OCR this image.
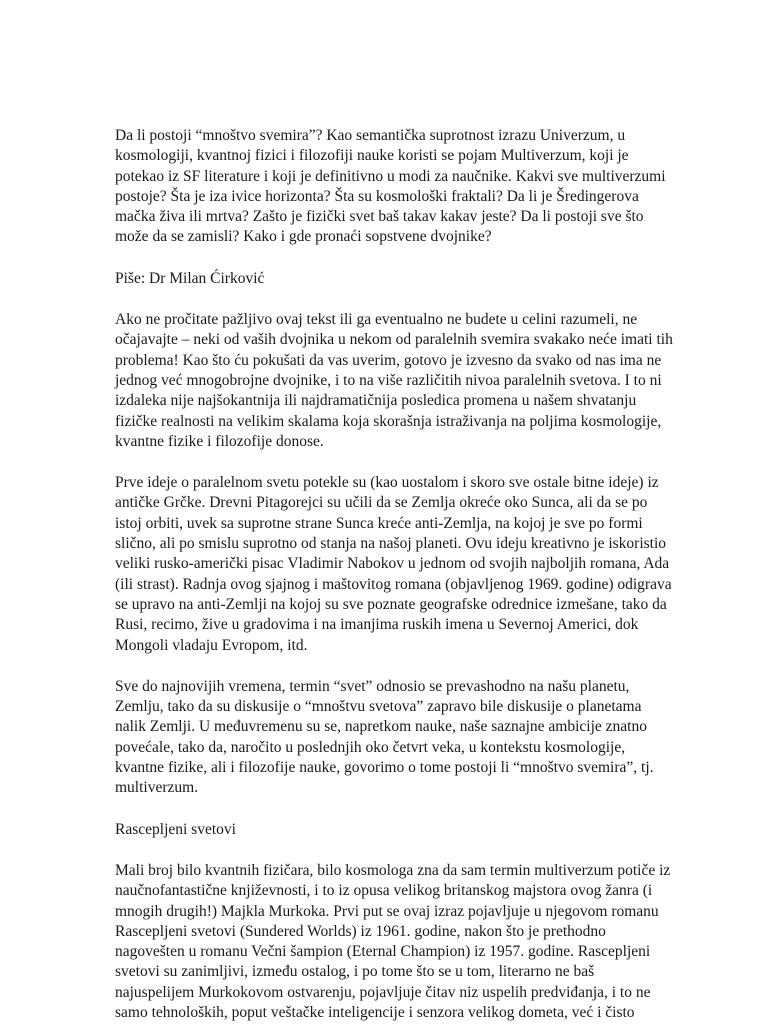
Da li postoji “mnoštvo svemira”? Kao semantička suprotnost izrazu Univerzum, u kosmologiji, kvantnoj fizici i filozofiji nauke koristi se pojam Multiverzum, koji je potekao iz SF literature i koji je definitivno u modi za naučnike. Kakvi sve multiverzumi postoje? Šta je iza ivice horizonta? Šta su kosmološki fraktali? Da li je Šredingerova mačka živa ili mrtva? Zašto je fizički svet baš takav kakav jeste? Da li postoji sve što može da se zamisli? Kako i gde pronaći sopstvene dvojnike?

Piše: Dr Milan Ćirković

Ako ne pročitate pažljivo ovaj tekst ili ga eventualno ne budete u celini razumeli, ne očajavajte – neki od vaših dvojnika u nekom od paralelnih svemira svakako neće imati tih problema! Kao što ću pokušati da vas uverim, gotovo je izvesno da svako od nas ima ne jednog već mnogobrojne dvojnike, i to na više različitih nivoa paralelnih svetova. I to ni izdaleka nije najšokantnija ili najdramatičnija posledica promena u našem shvatanju fizičke realnosti na velikim skalama koja skorašnja istraživanja na poljima kosmologije, kvantne fizike i filozofije donose.

Prve ideje o paralelnom svetu potekle su (kao uostalom i skoro sve ostale bitne ideje) iz antičke Grčke. Drevni Pitagorejci su učili da se Zemlja okreće oko Sunca, ali da se po istoj orbiti, uvek sa suprotne strane Sunca kreće anti-Zemlja, na kojoj je sve po formi slično, ali po smislu suprotno od stanja na našoj planeti. Ovu ideju kreativno je iskoristio veliki rusko-američki pisac Vladimir Nabokov u jednom od svojih najboljih romana, Ada (ili strast). Radnja ovog sjajnog i maštovitog romana (objavljenog 1969. godine) odigrava se upravo na anti-Zemlji na kojoj su sve poznate geografske odrednice izmešane, tako da Rusi, recimo, žive u gradovima i na imanjima ruskih imena u Severnoj Americi, dok Mongoli vladaju Evropom, itd.

Sve do najnovijih vremena, termin “svet” odnosio se prevashodno na našu planetu, Zemlju, tako da su diskusije o “mnoštvu svetova” zapravo bile diskusije o planetama nalik Zemlji. U međuvremenu su se, napretkom nauke, naše saznajne ambicije znatno povećale, tako da, naročito u poslednjih oko četvrt veka, u kontekstu kosmologije, kvantne fizike, ali i filozofije nauke, govorimo o tome postoji li “mnoštvo svemira”, tj. multiverzum.

Rascepljeni svetovi

Mali broj bilo kvantnih fizičara, bilo kosmologa zna da sam termin multiverzum potiče iz naučnofantastične književnosti, i to iz opusa velikog britanskog majstora ovog žanra (i mnogih drugih!) Majkla Murkoka. Prvi put se ovaj izraz pojavljuje u njegovom romanu Rascepljeni svetovi (Sundered Worlds) iz 1961. godine, nakon što je prethodno nagovešten u romanu Večni šampion (Eternal Champion) iz 1957. godine. Rascepljeni svetovi su zanimljivi, između ostalog, i po tome što se u tom, literarno ne baš najuspelijem Murkokovom ostvarenju, pojavljuje čitav niz uspelih predviđanja, i to ne samo tehnoloških, poput veštačke inteligencije i senzora velikog dometa, već i čisto
